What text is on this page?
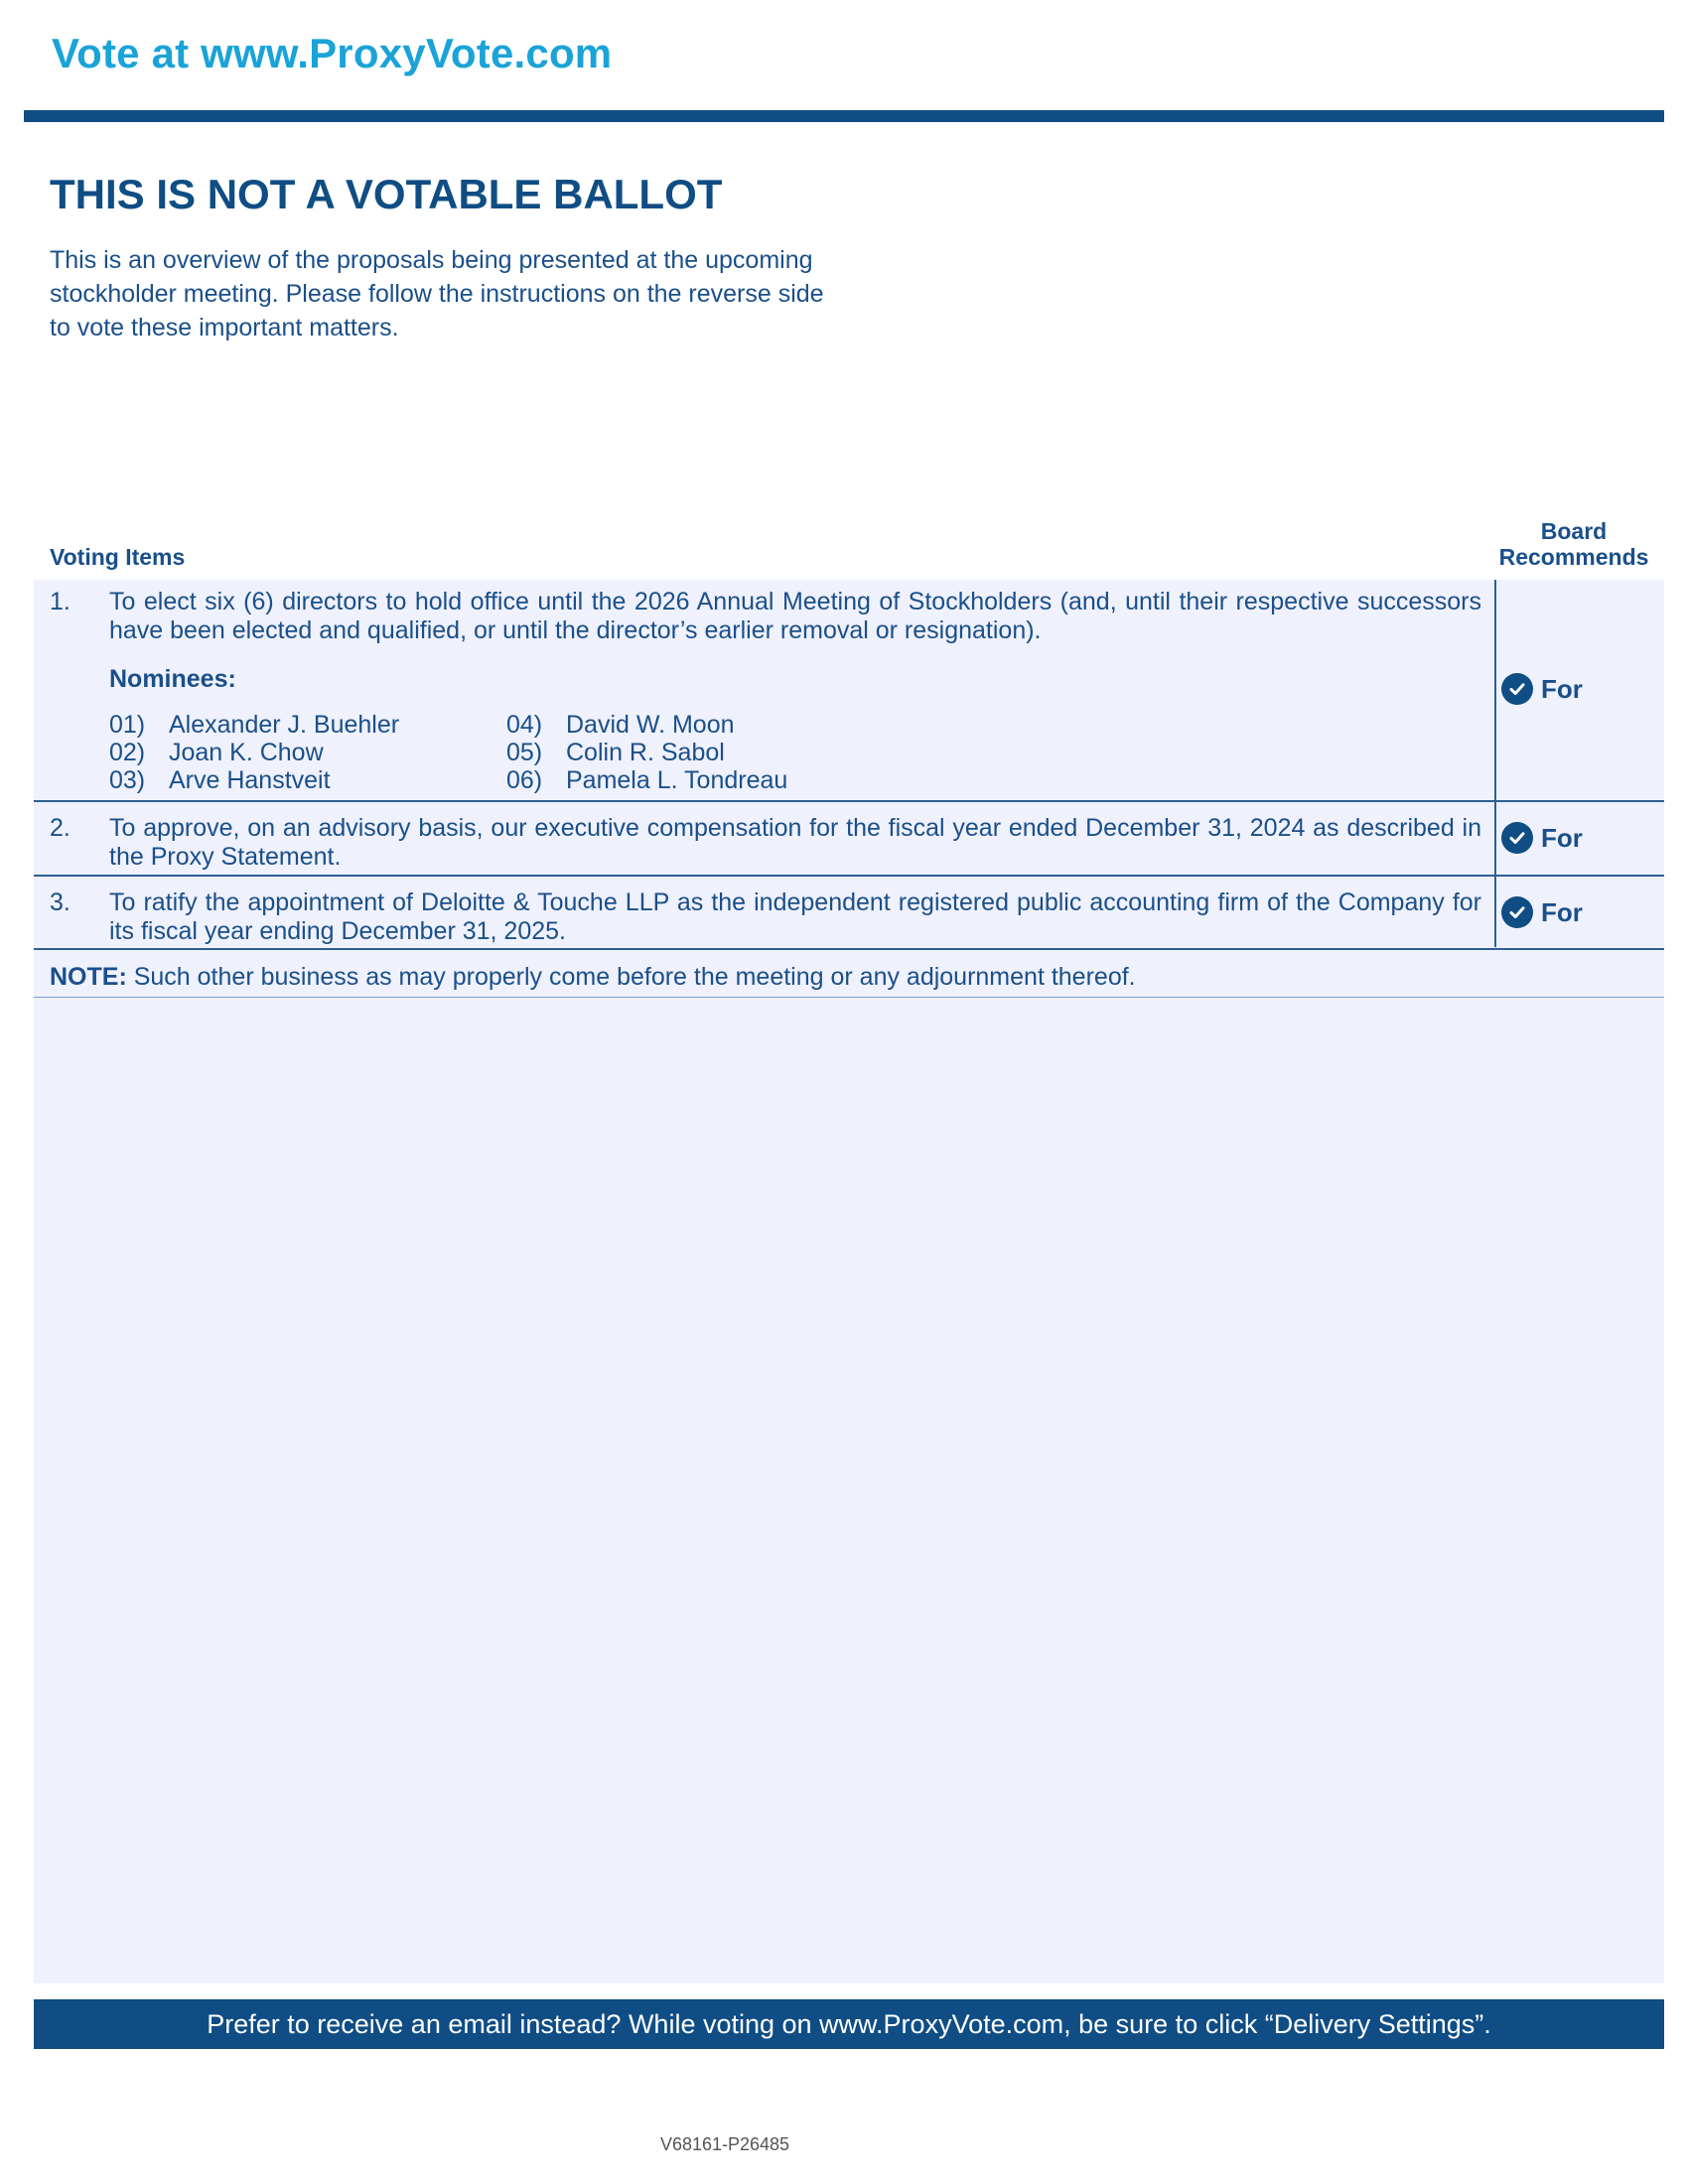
Vote at www.ProxyVote.com
THIS IS NOT A VOTABLE BALLOT
This is an overview of the proposals being presented at the upcoming stockholder meeting. Please follow the instructions on the reverse side to vote these important matters.
Voting Items
Board
Recommends
1. To elect six (6) directors to hold office until the 2026 Annual Meeting of Stockholders (and, until their respective successors have been elected and qualified, or until the director’s earlier removal or resignation).
Nominees:
01) Alexander J. Buehler
02) Joan K. Chow
03) Arve Hanstveit
04) David W. Moon
05) Colin R. Sabol
06) Pamela L. Tondreau
For
2. To approve, on an advisory basis, our executive compensation for the fiscal year ended December 31, 2024 as described in the Proxy Statement.
For
3. To ratify the appointment of Deloitte & Touche LLP as the independent registered public accounting firm of the Company for its fiscal year ending December 31, 2025.
For
NOTE: Such other business as may properly come before the meeting or any adjournment thereof.
Prefer to receive an email instead? While voting on www.ProxyVote.com, be sure to click “Delivery Settings”.
V68161-P26485
